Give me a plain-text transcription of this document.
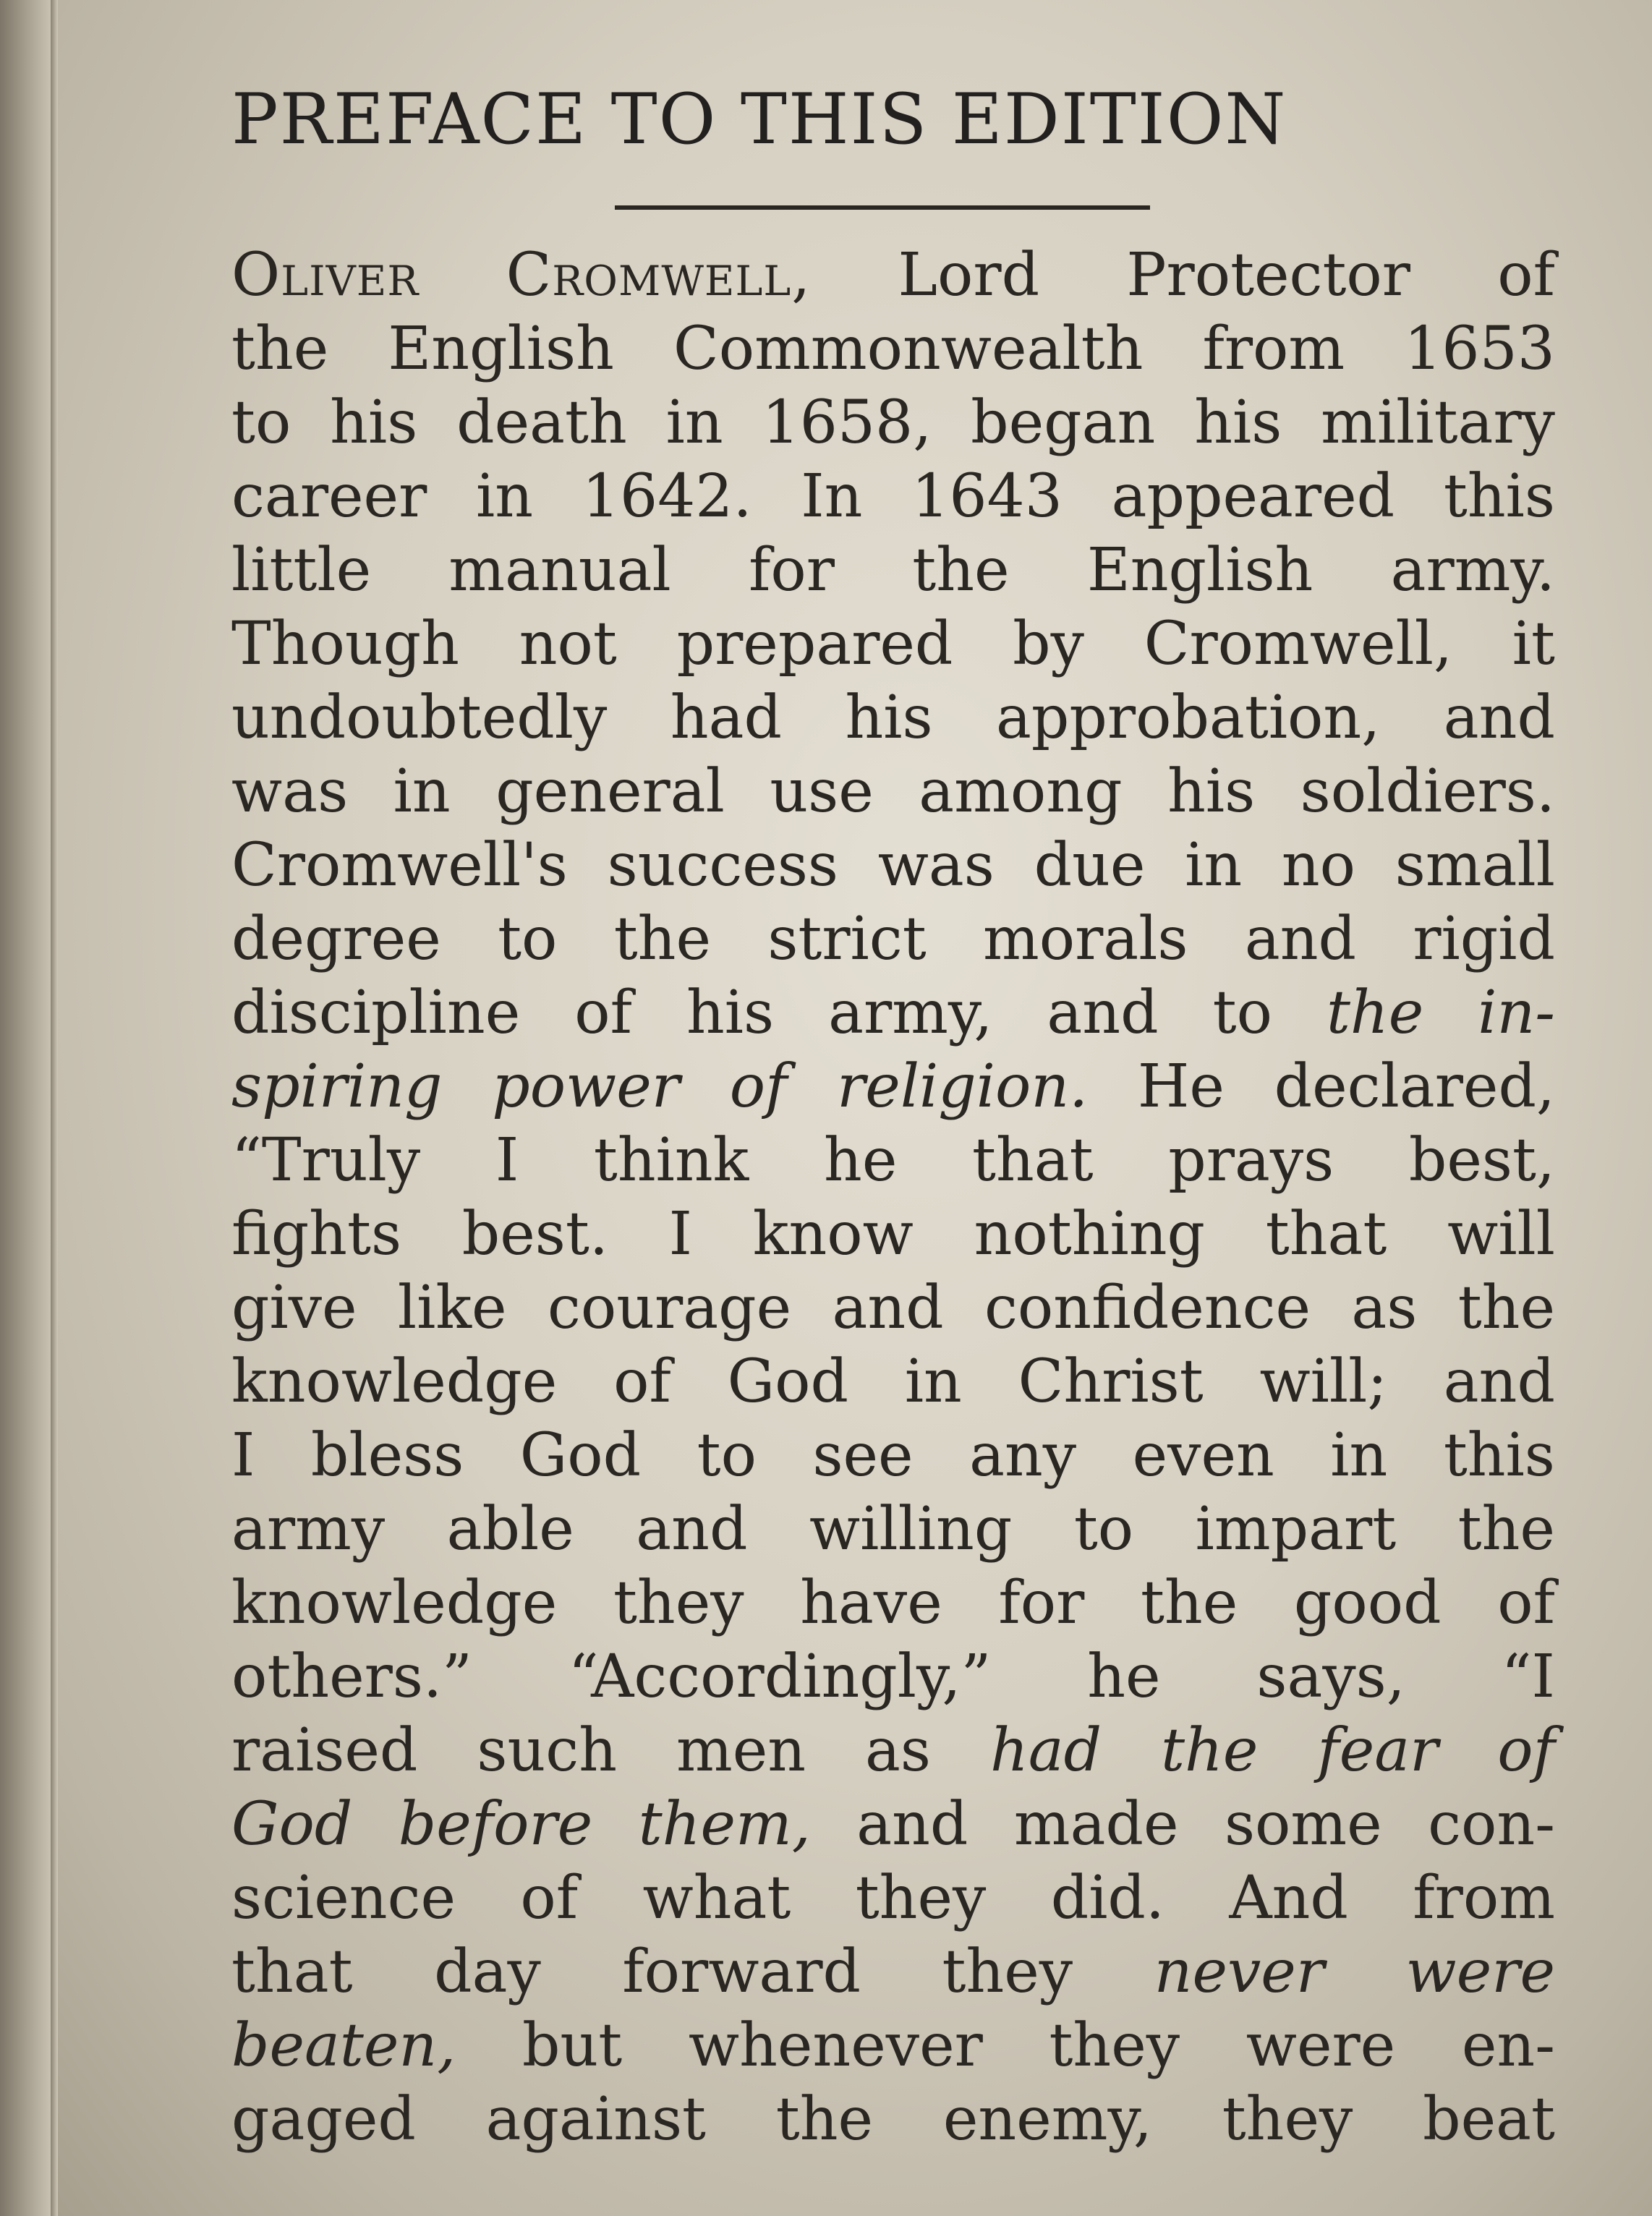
PREFACE TO THIS EDITION
Oliver Cromwell, Lord Protector of
the English Commonwealth from 1653
to his death in 1658, began his military
career in 1642. In 1643 appeared this
little manual for the English army.
Though not prepared by Cromwell, it
undoubtedly had his approbation, and
was in general use among his soldiers.
Cromwell's success was due in no small
degree to the strict morals and rigid
discipline of his army, and to the in-
spiring power of religion. He declared,
“Truly I think he that prays best,
fights best. I know nothing that will
give like courage and confidence as the
knowledge of God in Christ will; and
I bless God to see any even in this
army able and willing to impart the
knowledge they have for the good of
others.” “Accordingly,” he says, “I
raised such men as had the fear of
God before them, and made some con-
science of what they did. And from
that day forward they never were
beaten, but whenever they were en-
gaged against the enemy, they beat
